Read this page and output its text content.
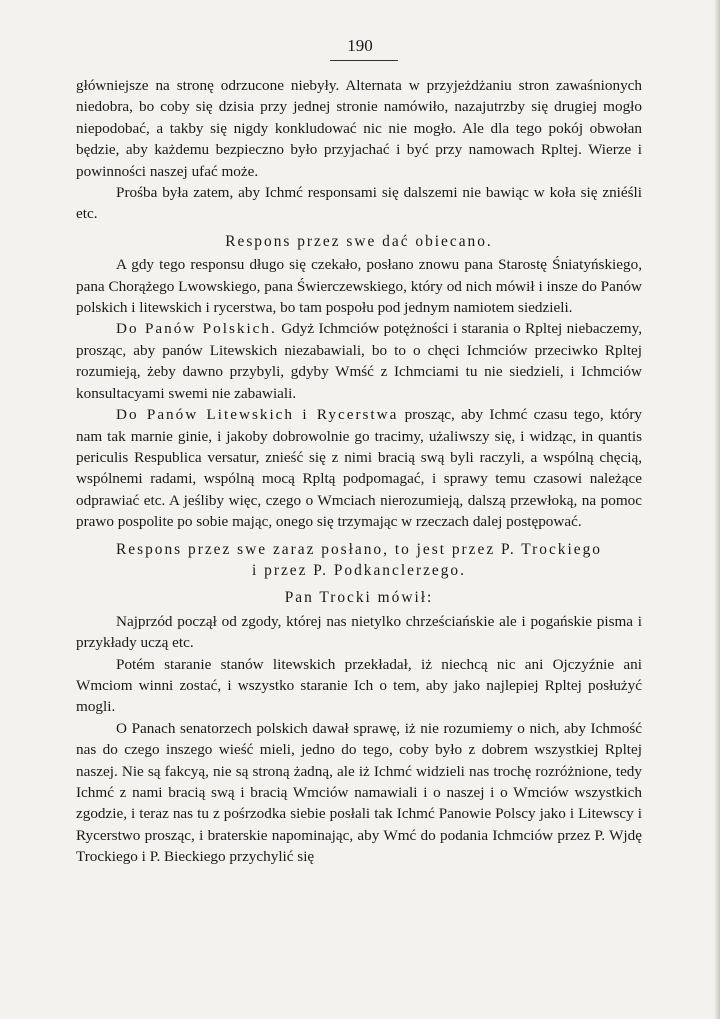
190

główniejsze na stronę odrzucone niebyły. Alternata w przyjeżdżaniu stron zawaśnionych niedobra, bo coby się dzisia przy jednej stronie namówiło, nazajutrzby się drugiej mogło niepodobać, a takby się nigdy konkludować nic nie mogło. Ale dla tego pokój obwołan będzie, aby każdemu bezpieczno było przyjachać i być przy namowach Rpltej. Wierze i powinności naszej ufać może.

Prośba była zatem, aby Ichmć responsami się dalszemi nie bawiąc w koła się zniéśli etc.

Respons przez swe dać obiecano.

A gdy tego responsu długo się czekało, posłano znowu pana Starostę Śniatyńskiego, pana Chorążego Lwowskiego, pana Świerczewskiego, który od nich mówił i insze do Panów polskich i litewskich i rycerstwa, bo tam pospołu pod jednym namiotem siedzieli.

Do Panów Polskich. Gdyż Ichmciów potężności i starania o Rpltej niebaczemy, prosząc, aby panów Litewskich niezabawiali, bo to o chęci Ichmciów przeciwko Rpltej rozumieją, żeby dawno przybyli, gdyby Wmść z Ichmciami tu nie siedzieli, i Ichmciów konsultacyami swemi nie zabawiali.

Do Panów Litewskich i Rycerstwa prosząc, aby Ichmć czasu tego, który nam tak marnie ginie, i jakoby dobrowolnie go tracimy, użaliwszy się, i widząc, in quantis periculis Respublica versatur, znieść się z nimi bracią swą byli raczyli, a wspólną chęcią, wspólnemi radami, wspólną mocą Rpltą podpomagać, i sprawy temu czasowi należące odprawiać etc. A jeśliby więc, czego o Wmciach nierozumieją, dalszą przewłoką, na pomoc prawo pospolite po sobie mając, onego się trzymając w rzeczach dalej postępować.

Respons przez swe zaraz posłano, to jest przez P. Trockiego
i przez P. Podkanclerzego.

Pan Trocki mówił:

Najprzód począł od zgody, której nas nietylko chrześciańskie ale i pogańskie pisma i przykłady uczą etc.

Potém staranie stanów litewskich przekładał, iż niechcą nic ani Ojczyźnie ani Wmciom winni zostać, i wszystko staranie Ich o tem, aby jako najlepiej Rpltej posłużyć mogli.

O Panach senatorzech polskich dawał sprawę, iż nie rozumiemy o nich, aby Ichmość nas do czego inszego wieść mieli, jedno do tego, coby było z dobrem wszystkiej Rpltej naszej. Nie są fakcyą, nie są stroną żadną, ale iż Ichmć widzieli nas trochę rozróżnione, tedy Ichmć z nami bracią swą i bracią Wmciów namawiali i o naszej i o Wmciów wszystkich zgodzie, i teraz nas tu z pośrzodka siebie posłali tak Ichmć Panowie Polscy jako i Litewscy i Rycerstwo prosząc, i braterskie napominając, aby Wmć do podania Ichmciów przez P. Wjdę Trockiego i P. Bieckiego przychylić się
